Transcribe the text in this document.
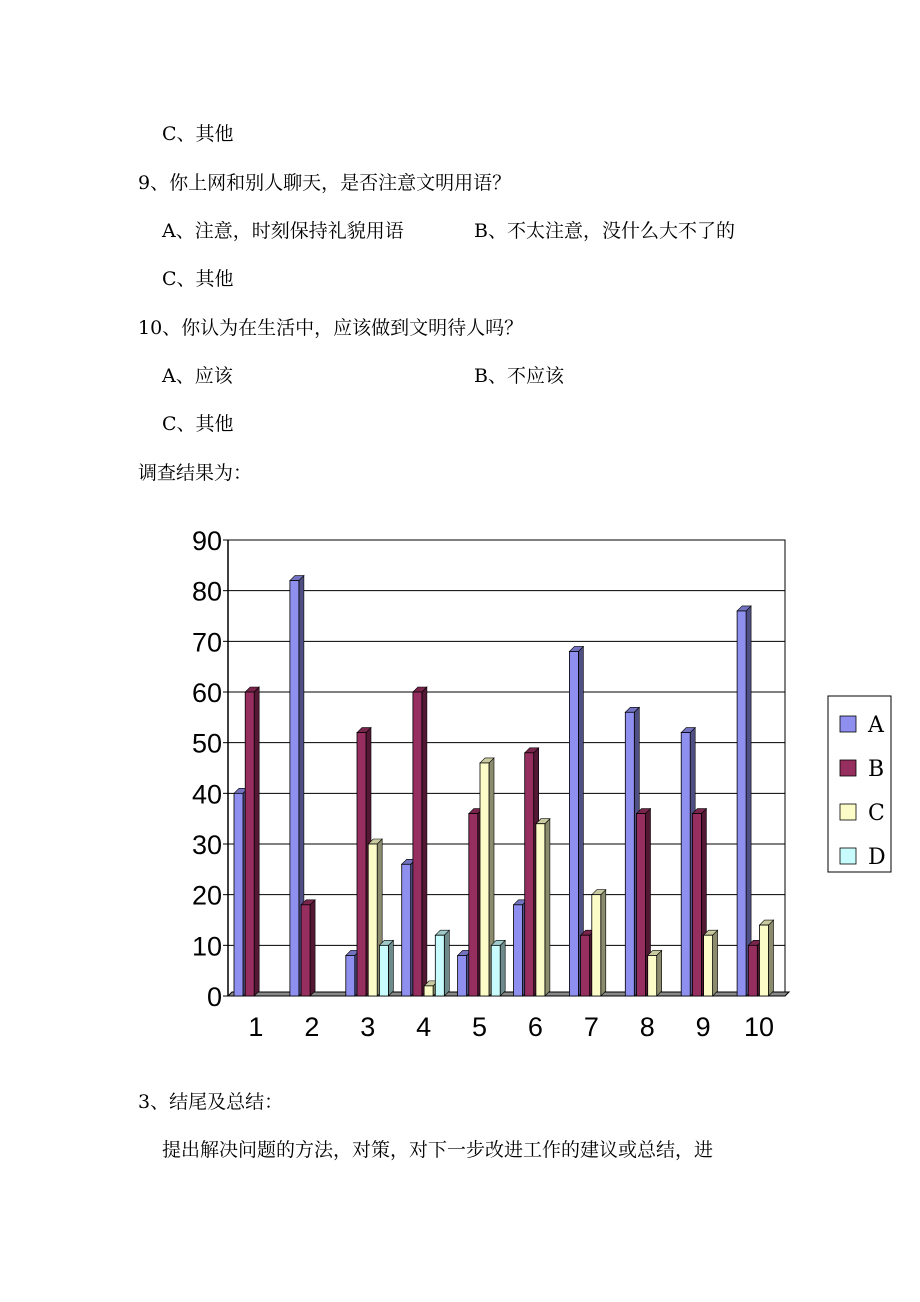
C、其他
9、你上网和别人聊天，是否注意文明用语？
A、注意，时刻保持礼貌用语	B、不太注意，没什么大不了的
C、其他
10、你认为在生活中，应该做到文明待人吗？
A、应该	B、不应该
C、其他
调查结果为：
0
10
20
30
40
50
60
70
80
90
1 2 3 4 5 6 7 8 9 10
A
B
C
D
3、结尾及总结：
提出解决问题的方法，对策，对下一步改进工作的建议或总结，进
